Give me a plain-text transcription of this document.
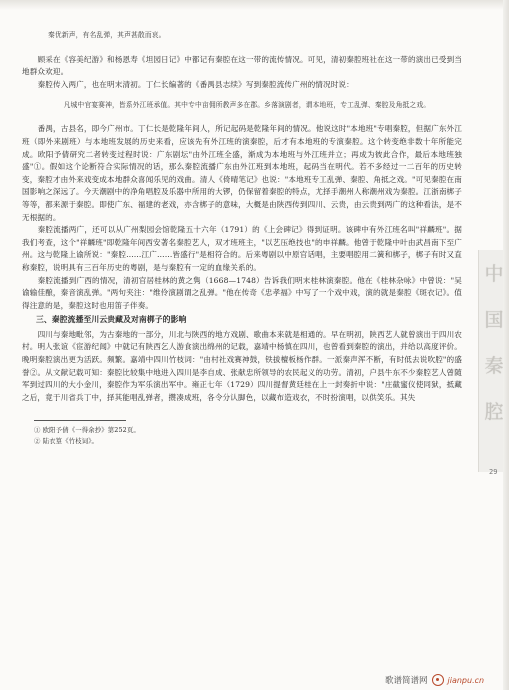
秦优新声，有名乱弹，其声甚散而哀。

顾采在《容美纪游》和杨恩寿《坦园日记》中都记有秦腔在这一带的流传情况。可见，清初秦腔班社在这一带的演出已受到当地群众欢迎。

秦腔传入两广，也在明末清初。丁仁长编著的《番禺县志续》写到秦腔流传广州的情况时说：

凡城中官宴赛神，皆系外江班承值。其中专中亩佣所教声多在郡。乡落演剧者，谓本地班，专工乱弹、秦腔及角抵之戏。

番禺，古县名，即今广州市。丁仁长是乾隆年间人，所记起码是乾隆年间的情况。他说这时"本地班"专唱秦腔，但据广东外江班（即外来剧班）与本地班发展的历史来看，应该先有外江班的演秦腔，后才有本地班的专演秦腔。这个转变绝非数十年所能完成。欧阳予倩研究二者转变过程时说：广东剧坛"由外江班全盛，渐成为本地班与外江班并立；再成为彼此合作，最后本地班独盛"①。假如这个论断符合实际情况的话，那么秦腔流播广东由外江班到本地班，起码当在明代。若不多经过一二百年的历史转变，秦腔才由外来戏变成本地群众喜闻乐见的戏曲。清人《倚晴笔记》也说："本地班专工乱弹、秦腔、角抵之戏。"可见秦腔在南国影响之深远了。今天潮剧中的净角唱腔及乐器中所用的大锣，仍保留着秦腔的特点，尤择手潮州人称潮州戏为秦腔。江浙南梆子等等，都来源于秦腔。即使广东、福建的老戏，亦含梆子的意味，大概是由陕西传到四川、云贵，由云贵到两广的这种看法，是不无根据的。

秦腔流播两广，还可以从广州梨园会馆乾隆五十六年（1791）的《上会碑记》得到证明。该碑中有外江班名叫"祥麟班"。据我们考查，这个"祥麟班"即乾隆年间西安著名秦腔艺人，双才班班主，"以艺压绝技也"的申祥麟。他曾于乾隆中叶由武昌南下至广州。这与乾隆上谕所说："秦腔……江广……皆盛行"是相符合的。后来粤剧以中原官话唱，主要唱腔用二簧和梆子，梆子有时又直称秦腔，说明具有三百年历史的粤剧，是与秦腔有一定的血缘关系的。

秦腔流播到广西的情况，清初官居桂林的黄之隽（1668—1748）告诉我们明末桂林演秦腔。他在《桂林杂咏》中曾说："吴谕输佳酿，秦音演乱弹。"两句夹注："维伶演剧谓之乱弹。"他在传奇《忠孝福》中写了一个戏中戏，演的就是秦腔《斑衣记》。值得注意的是，秦腔这时也用笛子伴奏。

三、秦腔流播至川云贵藏及对南梆子的影响

四川与秦地毗邻，为古秦地的一部分，川北与陕西的地方戏剧、歌曲本来就是相通的。早在明初，陕西艺人就曾演出于四川农村。明人张谊《宦游纪闻》中就记有陕西乞人游食演出绵州的记载，嘉靖中杨慎在四川，也曾看到秦腔的演出，并给以高度评价。晚明秦腔演出更为活跃。频繁。嘉靖中四川竹枝词："由村社戏赛神鼓，铁拔檀板杨作群。一派秦声浑不断，有时低去说吹腔"的盛誉②。从文献记载可知：秦腔比较集中地进入四川是李自成、张献忠所领导的农民起义的功劳。清初，户县牛东不少秦腔艺人曾随军到过四川的大小金川，秦腔作为军乐演出军中。雍正七年（1729）四川提督黄廷桂在上一封奏折中说："庄截蜜仪使同狱，抵藏之后，竟于川省兵丁中，择其能唱乱弹者，攒凑成班，各令分认脚色，以藏布造戏衣，不时扮演唱，以供笑乐。其失

① 欧阳予倩《一得余抄》第252页。
② 陆衣篁《竹枝词》。
中
国
秦
腔
29
歌谱简谱网	jianpu.cn
